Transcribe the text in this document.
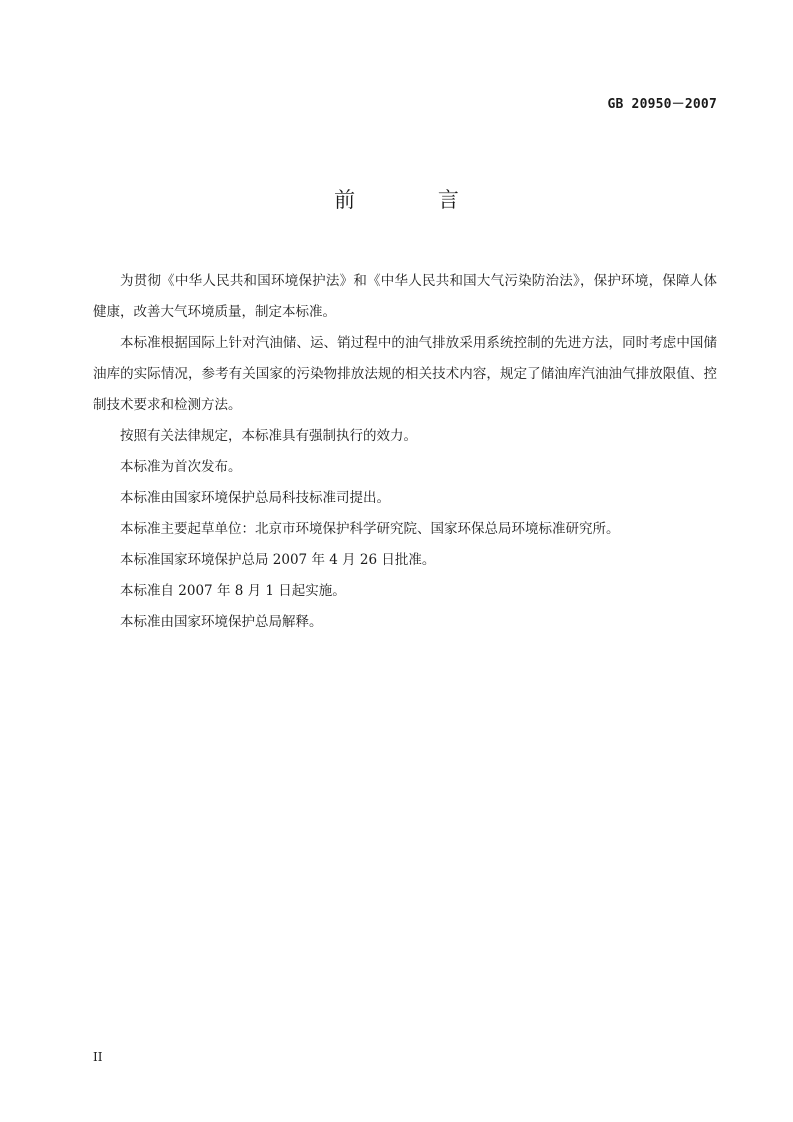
GB 20950－2007
前 言

为贯彻《中华人民共和国环境保护法》和《中华人民共和国大气污染防治法》，保护环境，保障人体健康，改善大气环境质量，制定本标准。

本标准根据国际上针对汽油储、运、销过程中的油气排放采用系统控制的先进方法，同时考虑中国储油库的实际情况，参考有关国家的污染物排放法规的相关技术内容，规定了储油库汽油油气排放限值、控制技术要求和检测方法。

按照有关法律规定，本标准具有强制执行的效力。

本标准为首次发布。

本标准由国家环境保护总局科技标准司提出。

本标准主要起草单位：北京市环境保护科学研究院、国家环保总局环境标准研究所。

本标准国家环境保护总局 2007 年 4 月 26 日批准。

本标准自 2007 年 8 月 1 日起实施。

本标准由国家环境保护总局解释。

II
